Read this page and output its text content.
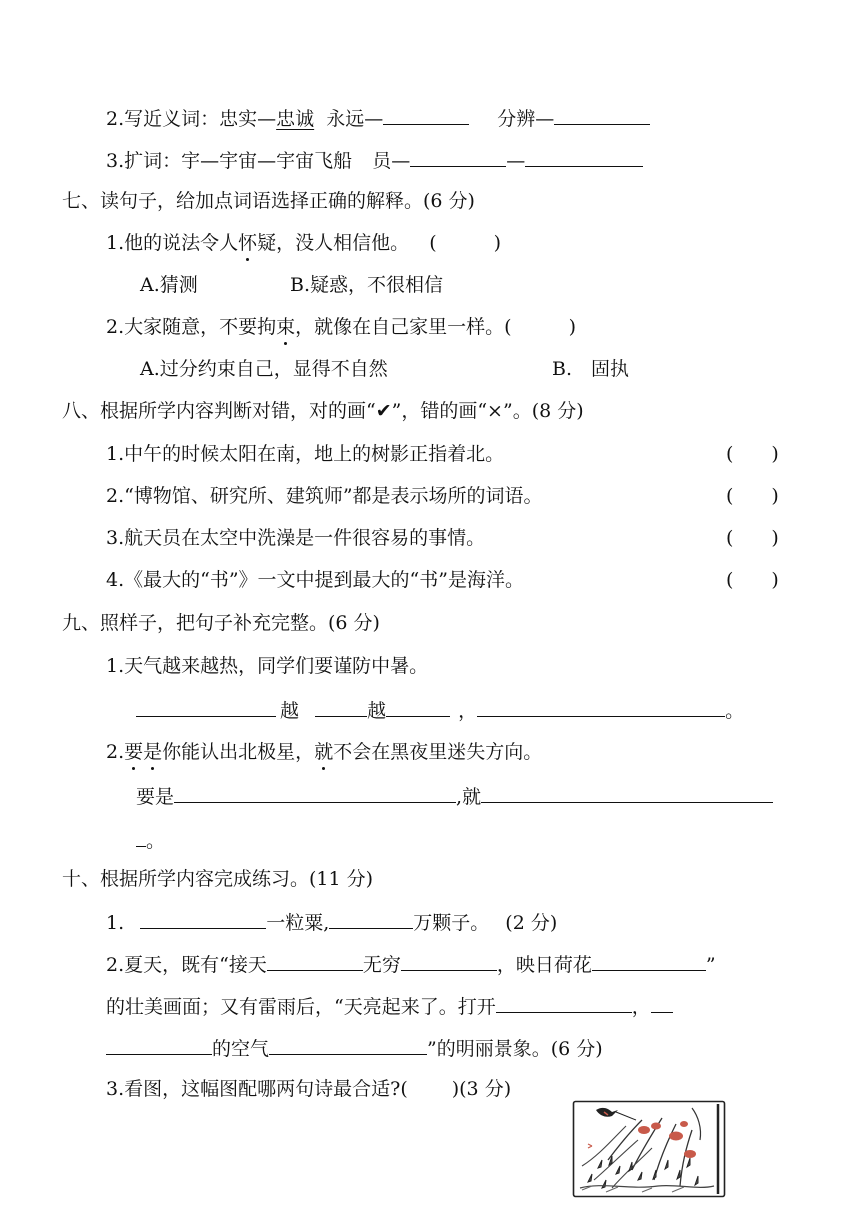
2.写近义词：忠实—忠诚 永远—	分辨—
3.扩词：宇—宇宙—宇宙飞船 员—	—
七、读句子，给加点词语选择正确的解释。(6 分)
1.他的说法令人怀疑，没人相信他。 (　　　)
A.猜测	B.疑惑，不很相信
2.大家随意，不要拘束，就像在自己家里一样。(　　　)
A.过分约束自己，显得不自然	B.　固执
八、根据所学内容判断对错，对的画“✔”，错的画“×”。(8 分)
1.中午的时候太阳在南，地上的树影正指着北。	(　　)
2.“博物馆、研究所、建筑师”都是表示场所的词语。	(　　)
3.航天员在太空中洗澡是一件很容易的事情。	(　　)
4.《最大的“书”》一文中提到最大的“书”是海洋。	(　　)
九、照样子，把句子补充完整。(6 分)
1.天气越来越热，同学们要谨防中暑。
越	越	，	。
2.要是你能认出北极星，就不会在黑夜里迷失方向。
要是	,就
。
十、根据所学内容完成练习。(11 分)
1.	一粒粟,	万颗子。 (2 分)
2.夏天，既有“接天	无穷	，映日荷花	”
的壮美画面；又有雷雨后，“天亮起来了。打开	，
的空气	”的明丽景象。(6 分)
3.看图，这幅图配哪两句诗最合适?( )(3 分)
